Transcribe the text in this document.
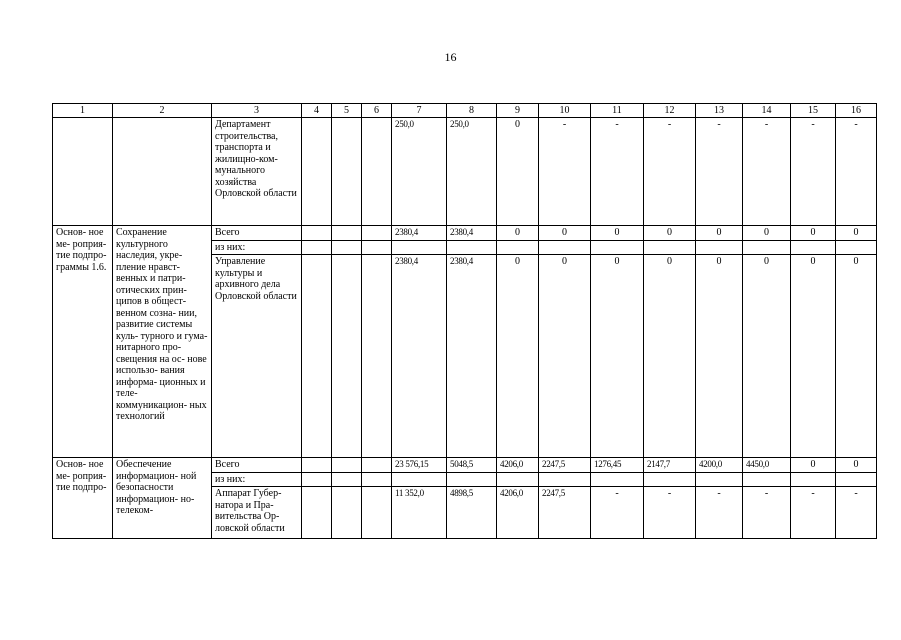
16
1	2	3	4	5	6	7	8	9	10	11	12	13	14	15	16
		Департамент строительства, транспорта и жилищно-ком- мунального хозяйства Орловской области				250,0	250,0	0	-	-	-	-	-	-	-
Основ- ное ме- роприя- тие подпро- граммы 1.6.	Сохранение культурного наследия, укре- пление нравст- венных и патри- отических прин- ципов в общест- венном созна- нии, развитие системы куль- турного и гума- нитарного про- свещения на ос- нове использо- вания информа- ционных и теле- коммуникацион- ных технологий	Всего				2380,4	2380,4	0	0	0	0	0	0	0	0
		из них:													
		Управление культуры и архивного дела Орловской области				2380,4	2380,4	0	0	0	0	0	0	0	0
Основ- ное ме- роприя- тие подпро-	Обеспечение информацион- ной безопасности информацион- но-телеком-	Всего				23 576,15	5048,5	4206,0	2247,5	1276,45	2147,7	4200,0	4450,0	0	0
		из них:													
		Аппарат Губер- натора и Пра- вительства Ор- ловской области				11 352,0	4898,5	4206,0	2247,5	-	-	-	-	-	-
